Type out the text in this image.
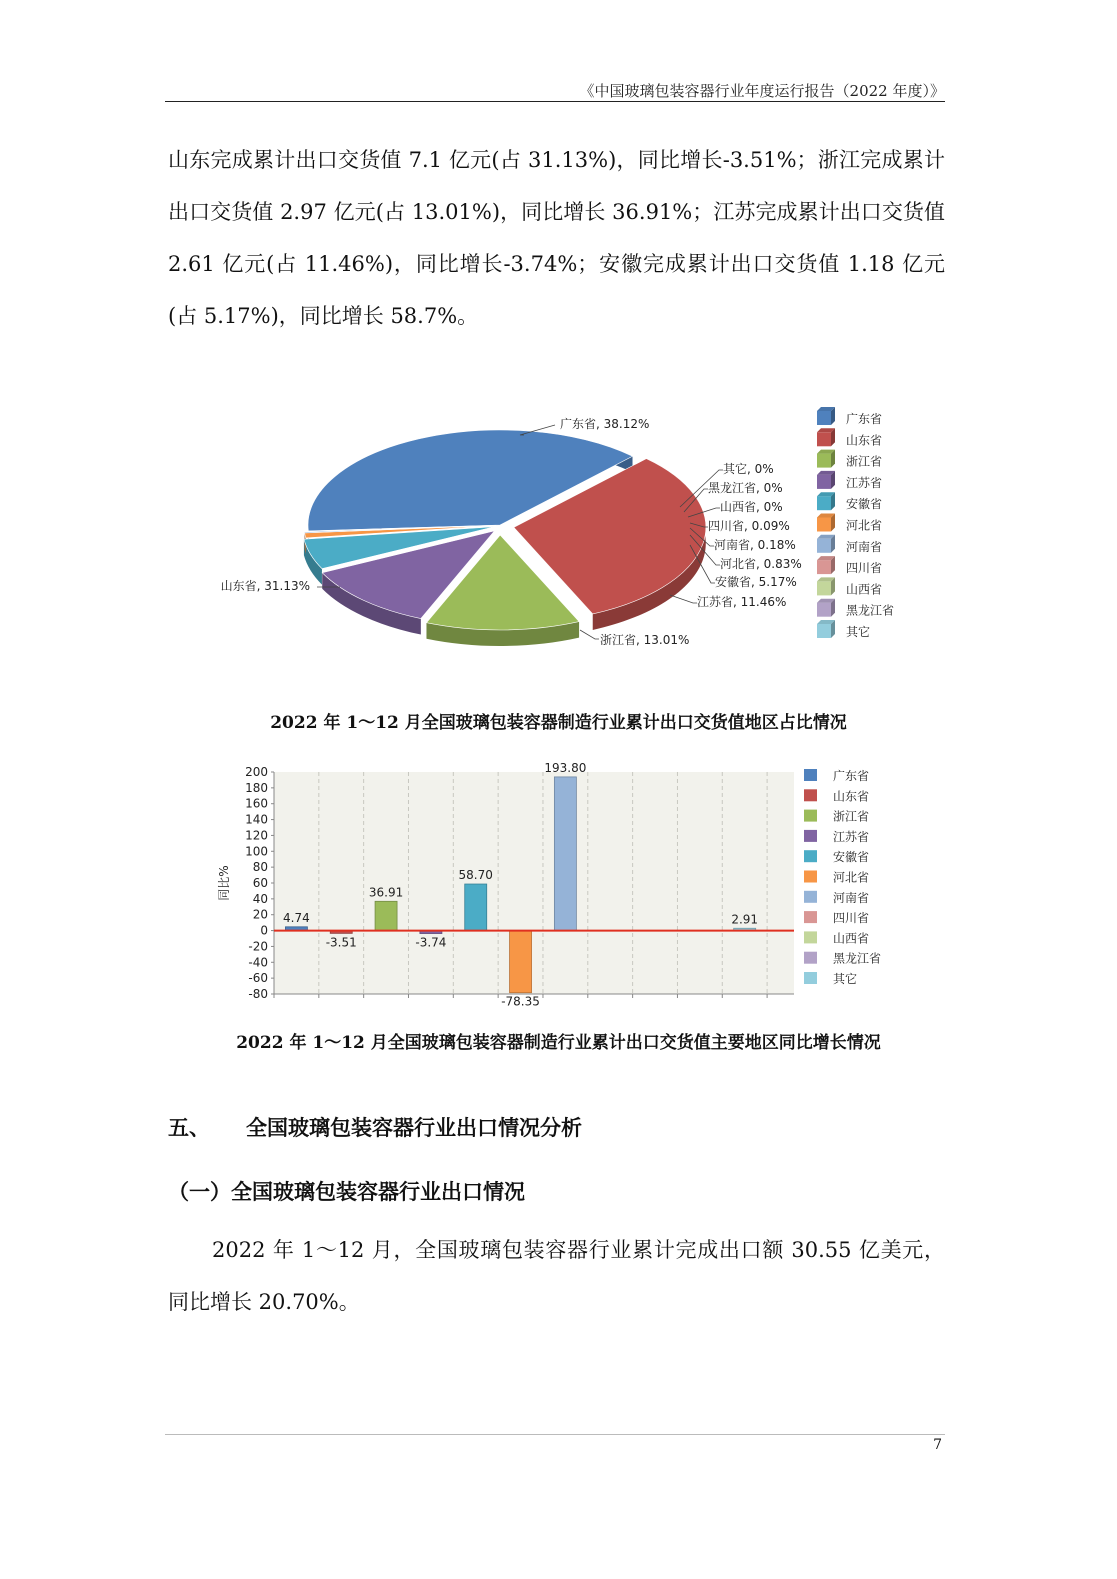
《中国玻璃包装容器行业年度运行报告（2022 年度）》

山东完成累计出口交货值 7.1 亿元(占 31.13%)，同比增长-3.51%；浙江完成累计出口交货值 2.97 亿元(占 13.01%)，同比增长 36.91%；江苏完成累计出口交货值 2.61 亿元(占 11.46%)，同比增长-3.74%；安徽完成累计出口交货值 1.18 亿元(占 5.17%)，同比增长 58.7%。

广东省, 38.12%
山东省, 31.13%
浙江省, 13.01%
江苏省, 11.46%
安徽省, 5.17%
河北省, 0.83%
河南省, 0.18%
四川省, 0.09%
山西省, 0%
黑龙江省, 0%
其它, 0%
广东省
山东省
浙江省
江苏省
安徽省
河北省
河南省
四川省
山西省
黑龙江省
其它
2022 年 1～12 月全国玻璃包装容器制造行业累计出口交货值地区占比情况
200
180
160
140
120
100
80
60
40
20
0
-20
-40
-60
-80
同比%
4.74
-3.51
36.91
-3.74
58.70
-78.35
193.80
2.91
广东省
山东省
浙江省
江苏省
安徽省
河北省
河南省
四川省
山西省
黑龙江省
其它
2022 年 1～12 月全国玻璃包装容器制造行业累计出口交货值主要地区同比增长情况
五、 全国玻璃包装容器行业出口情况分析
（一）全国玻璃包装容器行业出口情况

2022 年 1～12 月，全国玻璃包装容器行业累计完成出口额 30.55 亿美元，同比增长 20.70%。

7
